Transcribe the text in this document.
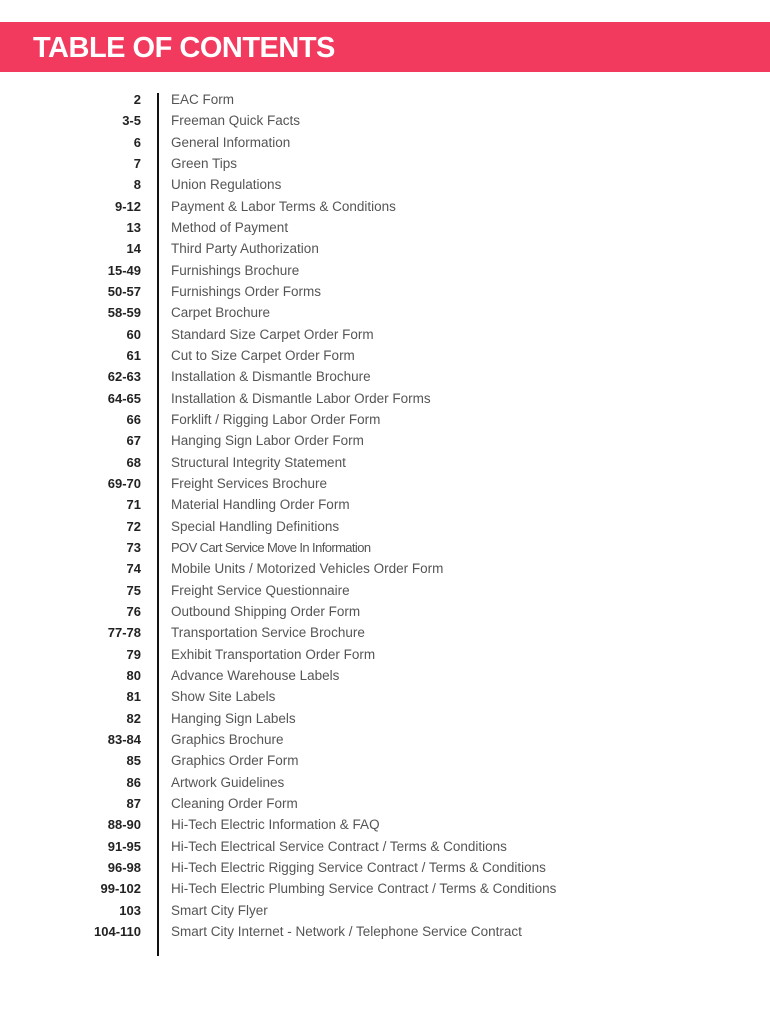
TABLE OF CONTENTS
2 EAC Form
3-5 Freeman Quick Facts
6 General Information
7 Green Tips
8 Union Regulations
9-12 Payment & Labor Terms & Conditions
13 Method of Payment
14 Third Party Authorization
15-49 Furnishings Brochure
50-57 Furnishings Order Forms
58-59 Carpet Brochure
60 Standard Size Carpet Order Form
61 Cut to Size Carpet Order Form
62-63 Installation & Dismantle Brochure
64-65 Installation & Dismantle Labor Order Forms
66 Forklift / Rigging Labor Order Form
67 Hanging Sign Labor Order Form
68 Structural Integrity Statement
69-70 Freight Services Brochure
71 Material Handling Order Form
72 Special Handling Definitions
73 POV Cart Service Move In Information
74 Mobile Units / Motorized Vehicles Order Form
75 Freight Service Questionnaire
76 Outbound Shipping Order Form
77-78 Transportation Service Brochure
79 Exhibit Transportation Order Form
80 Advance Warehouse Labels
81 Show Site Labels
82 Hanging Sign Labels
83-84 Graphics Brochure
85 Graphics Order Form
86 Artwork Guidelines
87 Cleaning Order Form
88-90 Hi-Tech Electric Information & FAQ
91-95 Hi-Tech Electrical Service Contract / Terms & Conditions
96-98 Hi-Tech Electric Rigging Service Contract / Terms & Conditions
99-102 Hi-Tech Electric Plumbing Service Contract / Terms & Conditions
103 Smart City Flyer
104-110 Smart City Internet - Network / Telephone Service Contract
